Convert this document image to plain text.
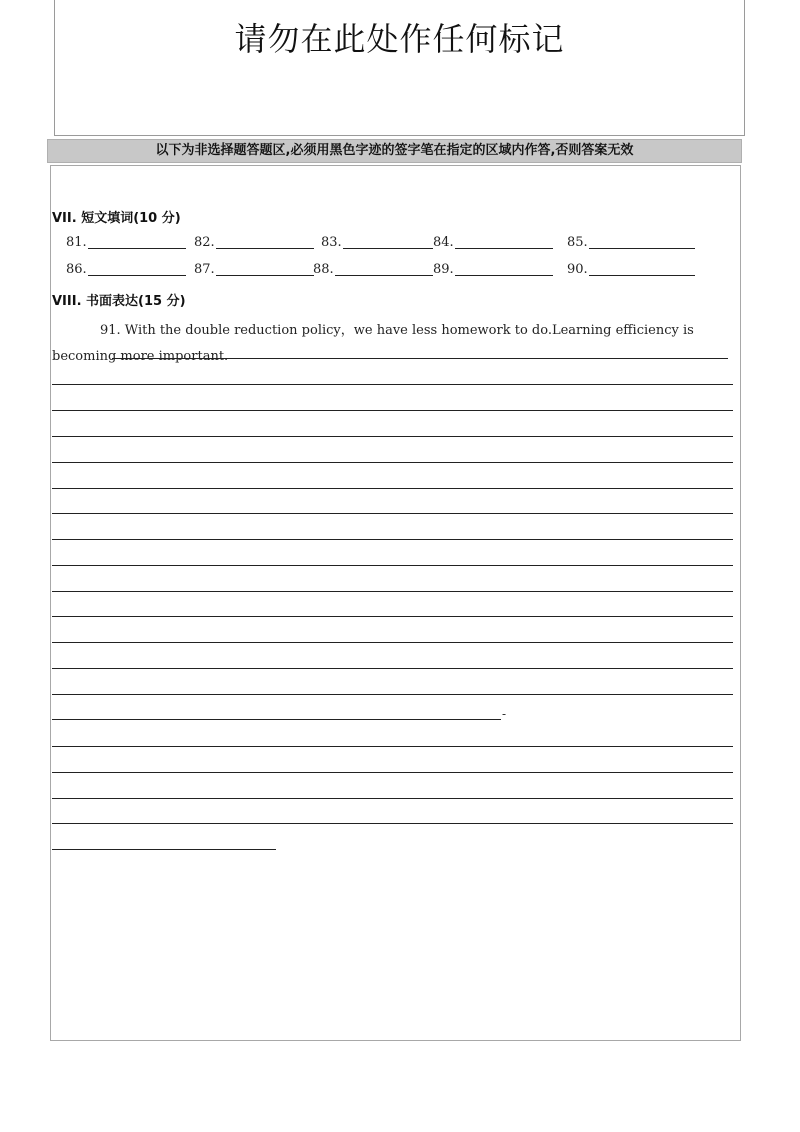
请勿在此处作任何标记
以下为非选择题答题区,必须用黑色字迹的签字笔在指定的区域内作答,否则答案无效
VII. 短文填词(10 分)
81.	82.	83.	84.	85.
86.	87.	88.	89.	90.
VIII. 书面表达(15 分)
91. With the double reduction policy，we have less homework to do.Learning efficiency is becoming more important.
-
